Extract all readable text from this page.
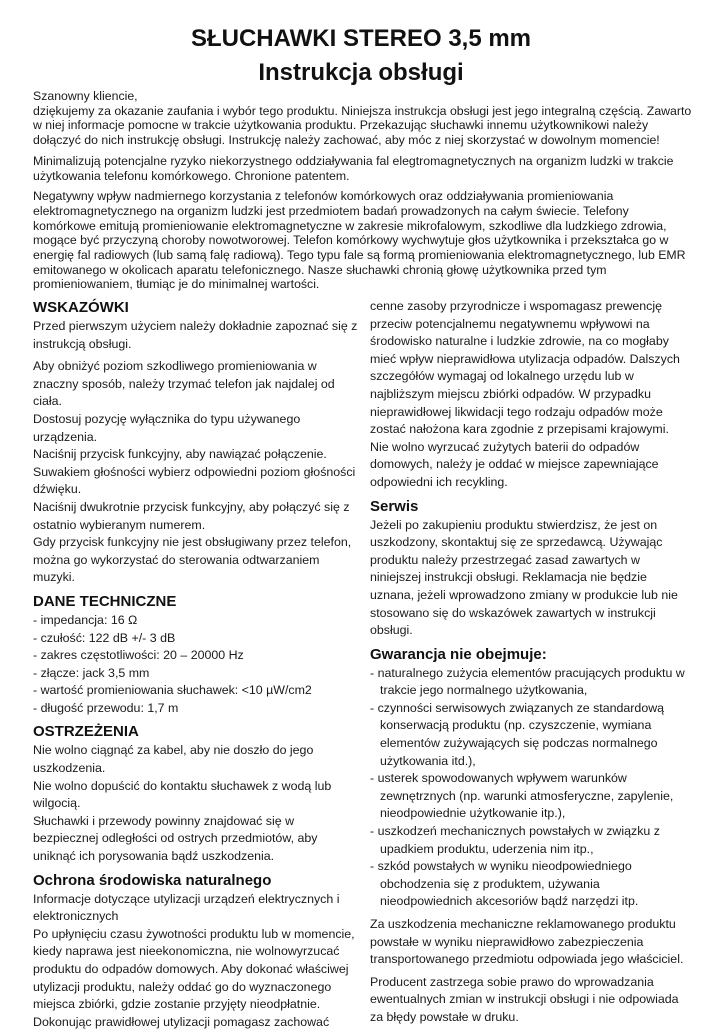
SŁUCHAWKI STEREO 3,5 mm
Instrukcja obsługi

Szanowny kliencie,
dziękujemy za okazanie zaufania i wybór tego produktu. Niniejsza instrukcja obsługi jest jego integralną częścią. Zawarto w niej informacje pomocne w trakcie użytkowania produktu. Przekazując słuchawki innemu użytkownikowi należy dołączyć do nich instrukcję obsługi. Instrukcję należy zachować, aby móc z niej skorzystać w dowolnym momencie!

Minimalizują potencjalne ryzyko niekorzystnego oddziaływania fal elegtromagnetycznych na organizm ludzki w trakcie użytkowania telefonu komórkowego. Chronione patentem.

Negatywny wpływ nadmiernego korzystania z telefonów komórkowych oraz oddziaływania promieniowania elektromagnetycznego na organizm ludzki jest przedmiotem badań prowadzonych na całym świecie. Telefony komórkowe emitują promieniowanie elektromagnetyczne w zakresie mikrofalowym, szkodliwe dla ludzkiego zdrowia, mogące być przyczyną choroby nowotworowej. Telefon komórkowy wychwytuje głos użytkownika i przekształca go w energię fal radiowych (lub samą falę radiową). Tego typu fale są formą promieniowania elektromagnetycznego, lub EMR emitowanego w okolicach aparatu telefonicznego. Nasze słuchawki chronią głowę użytkownika przed tym promieniowaniem, tłumiąc je do minimalnej wartości.

WSKAZÓWKI

Przed pierwszym użyciem należy dokładnie zapoznać się z instrukcją obsługi.

Aby obniżyć poziom szkodliwego promieniowania w znaczny sposób, należy trzymać telefon jak najdalej od ciała.

Dostosuj pozycję wyłącznika do typu używanego urządzenia.

Naciśnij przycisk funkcyjny, aby nawiązać połączenie.

Suwakiem głośności wybierz odpowiedni poziom głośności dźwięku.

Naciśnij dwukrotnie przycisk funkcyjny, aby połączyć się z ostatnio wybieranym numerem.

Gdy przycisk funkcyjny nie jest obsługiwany przez telefon, można go wykorzystać do sterowania odtwarzaniem muzyki.

DANE TECHNICZNE
- impedancja: 16 Ω
- czułość: 122 dB +/- 3 dB
- zakres częstotliwości: 20 – 20000 Hz
- złącze: jack 3,5 mm
- wartość promieniowania słuchawek: <10 µW/cm2
- długość przewodu: 1,7 m
OSTRZEŻENIA

Nie wolno ciągnąć za kabel, aby nie doszło do jego uszkodzenia.

Nie wolno dopuścić do kontaktu słuchawek z wodą lub wilgocią.

Słuchawki i przewody powinny znajdować się w bezpiecznej odległości od ostrych przedmiotów, aby uniknąć ich porysowania bądź uszkodzenia.

Ochrona środowiska naturalnego

Informacje dotyczące utylizacji urządzeń elektrycznych i elektronicznych

Po upłynięciu czasu żywotności produktu lub w momencie, kiedy naprawa jest nieekonomiczna, nie wolnowyrzucać produktu do odpadów domowych. Aby dokonać właściwej utylizacji produktu, należy oddać go do wyznaczonego miejsca zbiórki, gdzie zostanie przyjęty nieodpłatnie.

Dokonując prawidłowej utylizacji pomagasz zachować

cenne zasoby przyrodnicze i wspomagasz prewencję przeciw potencjalnemu negatywnemu wpływowi na środowisko naturalne i ludzkie zdrowie, na co mogłaby mieć wpływ nieprawidłowa utylizacja odpadów. Dalszych szczegółów wymagaj od lokalnego urzędu lub w najbliższym miejscu zbiórki odpadów. W przypadku nieprawidłowej likwidacji tego rodzaju odpadów może zostać nałożona kara zgodnie z przepisami krajowymi.

Nie wolno wyrzucać zużytych baterii do odpadów domowych, należy je oddać w miejsce zapewniające odpowiedni ich recykling.

Serwis

Jeżeli po zakupieniu produktu stwierdzisz, że jest on uszkodzony, skontaktuj się ze sprzedawcą. Używając produktu należy przestrzegać zasad zawartych w niniejszej instrukcji obsługi. Reklamacja nie będzie uznana, jeżeli wprowadzono zmiany w produkcie lub nie stosowano się do wskazówek zawartych w instrukcji obsługi.

Gwarancja nie obejmuje:
- naturalnego zużycia elementów pracujących produktu w trakcie jego normalnego użytkowania,
- czynności serwisowych związanych ze standardową konserwacją produktu (np. czyszczenie, wymiana elementów zużywających się podczas normalnego użytkowania itd.),
- usterek spowodowanych wpływem warunków zewnętrznych (np. warunki atmosferyczne, zapylenie, nieodpowiednie użytkowanie itp.),
- uszkodzeń mechanicznych powstałych w związku z upadkiem produktu, uderzenia nim itp.,
- szkód powstałych w wyniku nieodpowiedniego obchodzenia się z produktem, używania nieodpowiednich akcesoriów bądź narzędzi itp.

Za uszkodzenia mechaniczne reklamowanego produktu powstałe w wyniku nieprawidłowo zabezpieczenia transportowanego przedmiotu odpowiada jego właściciel.

Producent zastrzega sobie prawo do wprowadzania ewentualnych zmian w instrukcji obsługi i nie odpowiada za błędy powstałe w druku.
